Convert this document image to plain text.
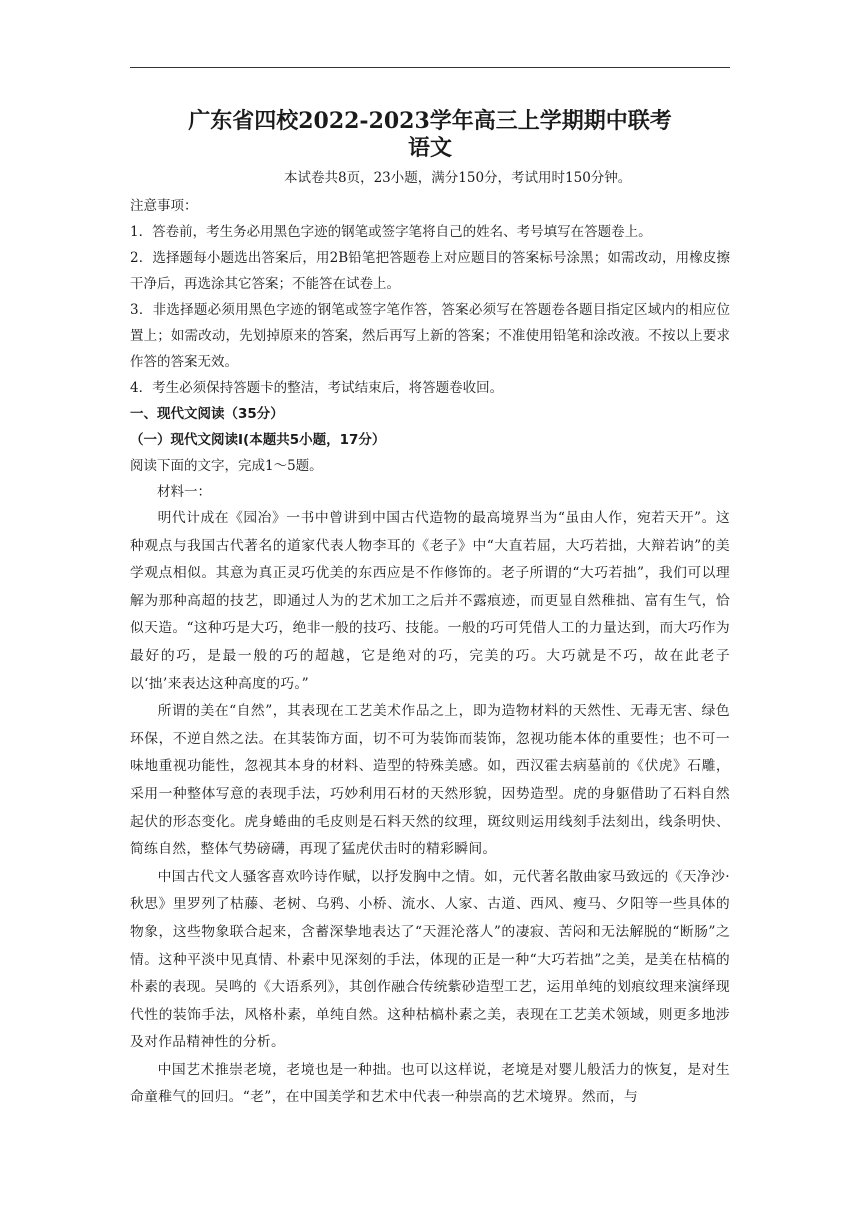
广东省四校2022-2023学年高三上学期期中联考
语文

本试卷共8页，23小题，满分150分，考试用时150分钟。

注意事项：

1．答卷前，考生务必用黑色字迹的钢笔或签字笔将自己的姓名、考号填写在答题卷上。

2．选择题每小题选出答案后，用2B铅笔把答题卷上对应题目的答案标号涂黑；如需改动，用橡皮擦干净后，再选涂其它答案；不能答在试卷上。

3．非选择题必须用黑色字迹的钢笔或签字笔作答，答案必须写在答题卷各题目指定区域内的相应位置上；如需改动，先划掉原来的答案，然后再写上新的答案；不准使用铅笔和涂改液。不按以上要求作答的答案无效。

4．考生必须保持答题卡的整洁，考试结束后，将答题卷收回。

一、现代文阅读（35分）

（一）现代文阅读Ⅰ(本题共5小题，17分）

阅读下面的文字，完成1～5题。

材料一：

明代计成在《园冶》一书中曾讲到中国古代造物的最高境界当为“虽由人作，宛若天开”。这种观点与我国古代著名的道家代表人物李耳的《老子》中“大直若屈，大巧若拙，大辩若讷”的美学观点相似。其意为真正灵巧优美的东西应是不作修饰的。老子所谓的“大巧若拙”，我们可以理解为那种高超的技艺，即通过人为的艺术加工之后并不露痕迹，而更显自然稚拙、富有生气，恰似天造。“这种巧是大巧，绝非一般的技巧、技能。一般的巧可凭借人工的力量达到，而大巧作为最好的巧，是最一般的巧的超越，它是绝对的巧，完美的巧。大巧就是不巧，故在此老子以‘拙’来表达这种高度的巧。”

所谓的美在“自然”，其表现在工艺美术作品之上，即为造物材料的天然性、无毒无害、绿色环保，不逆自然之法。在其装饰方面，切不可为装饰而装饰，忽视功能本体的重要性；也不可一味地重视功能性，忽视其本身的材料、造型的特殊美感。如，西汉霍去病墓前的《伏虎》石雕，采用一种整体写意的表现手法，巧妙利用石材的天然形貌，因势造型。虎的身躯借助了石料自然起伏的形态变化。虎身蜷曲的毛皮则是石料天然的纹理，斑纹则运用线刻手法刻出，线条明快、简练自然，整体气势磅礴，再现了猛虎伏击时的精彩瞬间。

中国古代文人骚客喜欢吟诗作赋，以抒发胸中之情。如，元代著名散曲家马致远的《天净沙·秋思》里罗列了枯藤、老树、乌鸦、小桥、流水、人家、古道、西风、瘦马、夕阳等一些具体的物象，这些物象联合起来，含蓄深挚地表达了“天涯沦落人”的凄寂、苦闷和无法解脱的“断肠”之情。这种平淡中见真情、朴素中见深刻的手法，体现的正是一种“大巧若拙”之美，是美在枯槁的朴素的表现。吴鸣的《大语系列》，其创作融合传统紫砂造型工艺，运用单纯的划痕纹理来演绎现代性的装饰手法，风格朴素，单纯自然。这种枯槁朴素之美，表现在工艺美术领域，则更多地涉及对作品精神性的分析。

中国艺术推崇老境，老境也是一种拙。也可以这样说，老境是对婴儿般活力的恢复，是对生命童稚气的回归。“老”，在中国美学和艺术中代表一种崇高的艺术境界。然而，与
